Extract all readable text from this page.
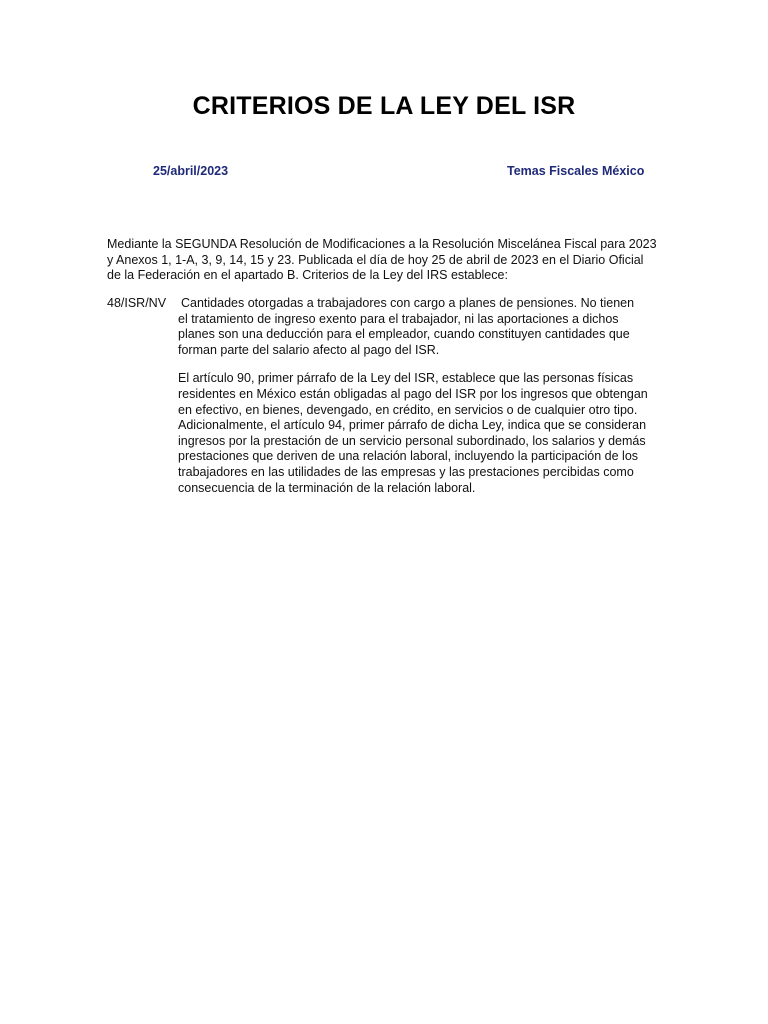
CRITERIOS DE LA LEY DEL ISR
25/abril/2023	Temas Fiscales México
Mediante la SEGUNDA Resolución de Modificaciones a la Resolución Miscelánea Fiscal para 2023
y Anexos 1, 1-A, 3, 9, 14, 15 y 23. Publicada el día de hoy 25 de abril de 2023 en el Diario Oficial
de la Federación en el apartado B. Criterios de la Ley del IRS establece:
48/ISR/NV Cantidades otorgadas a trabajadores con cargo a planes de pensiones. No tienen
el tratamiento de ingreso exento para el trabajador, ni las aportaciones a dichos
planes son una deducción para el empleador, cuando constituyen cantidades que
forman parte del salario afecto al pago del ISR.

El artículo 90, primer párrafo de la Ley del ISR, establece que las personas físicas
residentes en México están obligadas al pago del ISR por los ingresos que obtengan
en efectivo, en bienes, devengado, en crédito, en servicios o de cualquier otro tipo.
Adicionalmente, el artículo 94, primer párrafo de dicha Ley, indica que se consideran
ingresos por la prestación de un servicio personal subordinado, los salarios y demás
prestaciones que deriven de una relación laboral, incluyendo la participación de los
trabajadores en las utilidades de las empresas y las prestaciones percibidas como
consecuencia de la terminación de la relación laboral.
